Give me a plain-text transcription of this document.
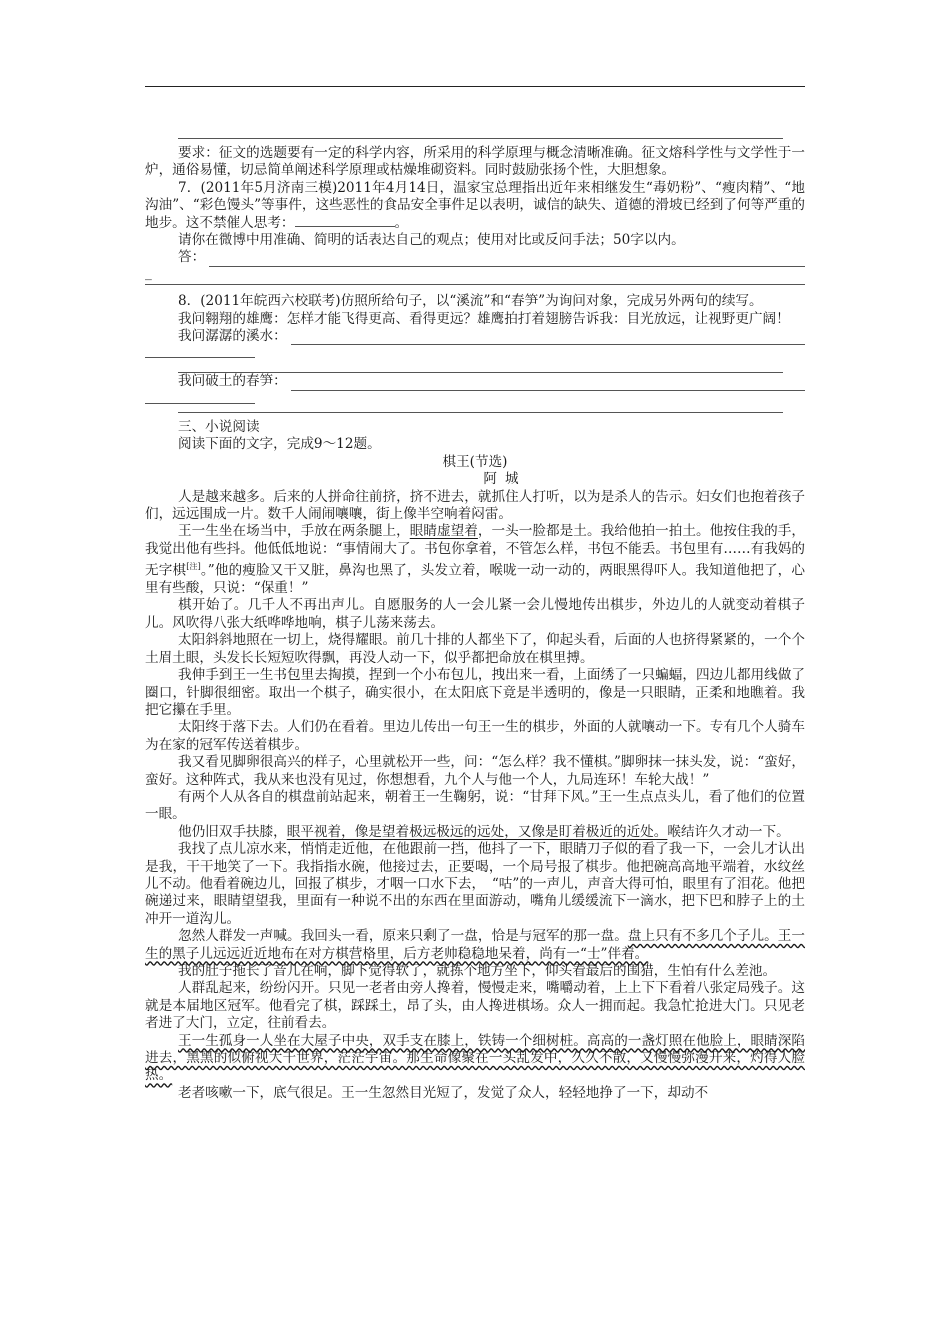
要求：征文的选题要有一定的科学内容，所采用的科学原理与概念清晰准确。征文熔科学性与文学性于一炉，通俗易懂，切忌简单阐述科学原理或枯燥堆砌资料。同时鼓励张扬个性，大胆想象。

7．(2011年5月济南三模)2011年4月14日，温家宝总理指出近年来相继发生“毒奶粉”、“瘦肉精”、“地沟油”、“彩色馒头”等事件，这些恶性的食品安全事件足以表明，诚信的缺失、道德的滑坡已经到了何等严重的地步。这不禁催人思考：	。

请你在微博中用准确、简明的话表达自己的观点；使用对比或反问手法；50字以内。

答：

_

8．(2011年皖西六校联考)仿照所给句子，以“溪流”和“春笋”为询问对象，完成另外两句的续写。

我问翱翔的雄鹰：怎样才能飞得更高、看得更远？雄鹰拍打着翅膀告诉我：目光放远，让视野更广阔！

我问潺潺的溪水：
我问破土的春笋：

三、小说阅读

阅读下面的文字，完成9～12题。

棋王(节选)

阿城

人是越来越多。后来的人拼命往前挤，挤不进去，就抓住人打听，以为是杀人的告示。妇女们也抱着孩子们，远远围成一片。数千人闹闹嚷嚷，街上像半空响着闷雷。

王一生坐在场当中，手放在两条腿上，眼睛虚望着，一头一脸都是土。我给他拍一拍土。他按住我的手，我觉出他有些抖。他低低地说：“事情闹大了。书包你拿着，不管怎么样，书包不能丢。书包里有……有我妈的无字棋[注]。”他的瘦脸又干又脏，鼻沟也黑了，头发立着，喉咙一动一动的，两眼黑得吓人。我知道他把了，心里有些酸，只说：“保重！”

棋开始了。几千人不再出声儿。自愿服务的人一会儿紧一会儿慢地传出棋步，外边儿的人就变动着棋子儿。风吹得八张大纸哗哗地响，棋子儿荡来荡去。

太阳斜斜地照在一切上，烧得耀眼。前几十排的人都坐下了，仰起头看，后面的人也挤得紧紧的，一个个土眉土眼，头发长长短短吹得飘，再没人动一下，似乎都把命放在棋里搏。

我伸手到王一生书包里去掏摸，捏到一个小布包儿，拽出来一看，上面绣了一只蝙蝠，四边儿都用线做了圈口，针脚很细密。取出一个棋子，确实很小，在太阳底下竟是半透明的，像是一只眼睛，正柔和地瞧着。我把它攥在手里。

太阳终于落下去。人们仍在看着。里边儿传出一句王一生的棋步，外面的人就嚷动一下。专有几个人骑车为在家的冠军传送着棋步。

我又看见脚卵很高兴的样子，心里就松开一些，问：“怎么样？我不懂棋。”脚卵抹一抹头发，说：“蛮好，蛮好。这种阵式，我从来也没有见过，你想想看，九个人与他一个人，九局连环！车轮大战！”

有两个人从各自的棋盘前站起来，朝着王一生鞠躬，说：“甘拜下风。”王一生点点头儿，看了他们的位置一眼。

他仍旧双手扶膝，眼平视着，像是望着极远极远的远处，又像是盯着极近的近处。喉结许久才动一下。

我找了点儿凉水来，悄悄走近他，在他跟前一挡，他抖了一下，眼睛刀子似的看了我一下，一会儿才认出是我，干干地笑了一下。我指指水碗，他接过去，正要喝，一个局号报了棋步。他把碗高高地平端着，水纹丝儿不动。他看着碗边儿，回报了棋步，才咽一口水下去，　“咕”的一声儿，声音大得可怕，眼里有了泪花。他把碗递过来，眼睛望望我，里面有一种说不出的东西在里面游动，嘴角儿缓缓流下一滴水，把下巴和脖子上的土冲开一道沟儿。

忽然人群发一声喊。我回头一看，原来只剩了一盘，恰是与冠军的那一盘。盘上只有不多几个子儿。王一生的黑子儿远远近近地布在对方棋营格里，后方老帅稳稳地呆着，尚有一“士”伴着。

我的肚子拖长了音儿在响，脚下觉得软了，就拣个地方坐下，仰头看最后的围猎，生怕有什么差池。

人群乱起来，纷纷闪开。只见一老者由旁人搀着，慢慢走来，嘴嚼动着，上上下下看着八张定局残子。这就是本届地区冠军。他看完了棋，踩踩土，昂了头，由人搀进棋场。众人一拥而起。我急忙抢进大门。只见老者进了大门，立定，往前看去。

王一生孤身一人坐在大屋子中央，双手支在膝上，铁铸一个细树桩。高高的一盏灯照在他脸上，眼睛深陷进去，黑黑的似俯视大千世界，茫茫宇宙。那生命像聚在一头乱发中，久久不散，又慢慢弥漫开来，灼得人脸热。

老者咳嗽一下，底气很足。王一生忽然目光短了，发觉了众人，轻轻地挣了一下，却动不
